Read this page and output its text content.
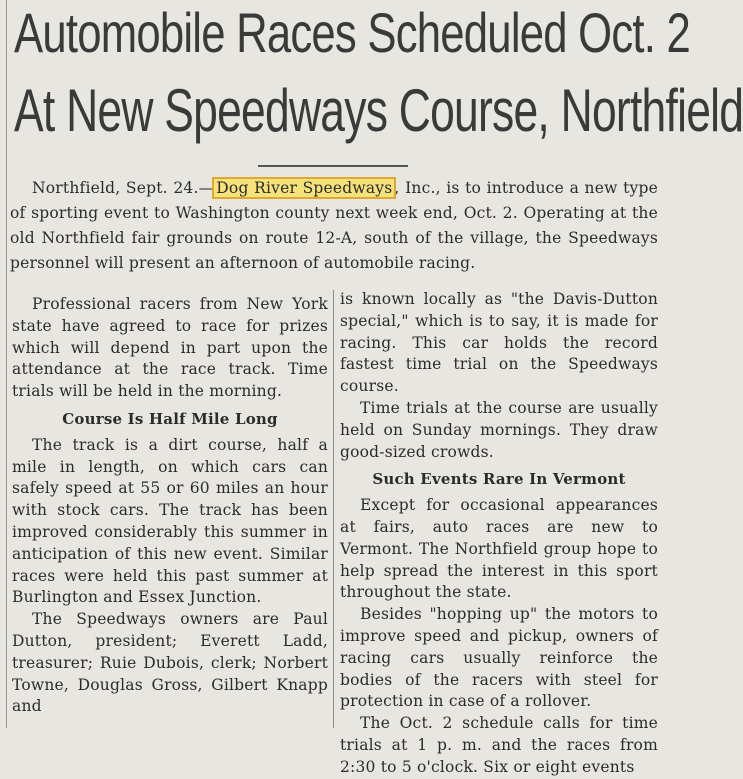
Automobile Races Scheduled Oct. 2
At New Speedways Course, Northfield
Northfield, Sept. 24.— Dog River Speedways , Inc., is to introduce a new type of sporting event to Washington county next week end, Oct. 2. Operating at the old Northfield fair grounds on route 12-A, south of the village, the Speedways personnel will present an afternoon of automobile racing.

Professional racers from New York state have agreed to race for prizes which will depend in part upon the attendance at the race track. Time trials will be held in the morning.

Course Is Half Mile Long

The track is a dirt course, half a mile in length, on which cars can safely speed at 55 or 60 miles an hour with stock cars. The track has been improved considerably this summer in anticipation of this new event. Similar races were held this past summer at Burlington and Essex Junction.

The Speedways owners are Paul Dutton, president; Everett Ladd, treasurer; Ruie Dubois, clerk; Norbert Towne, Douglas Gross, Gilbert Knapp and

is known locally as "the Davis-Dutton special," which is to say, it is made for racing. This car holds the record fastest time trial on the Speedways course.

Time trials at the course are usually held on Sunday mornings. They draw good-sized crowds.

Such Events Rare In Vermont

Except for occasional appearances at fairs, auto races are new to Vermont. The Northfield group hope to help spread the interest in this sport throughout the state.

Besides "hopping up" the motors to improve speed and pickup, owners of racing cars usually reinforce the bodies of the racers with steel for protection in case of a rollover.

The Oct. 2 schedule calls for time trials at 1 p. m. and the races from 2:30 to 5 o'clock. Six or eight events
